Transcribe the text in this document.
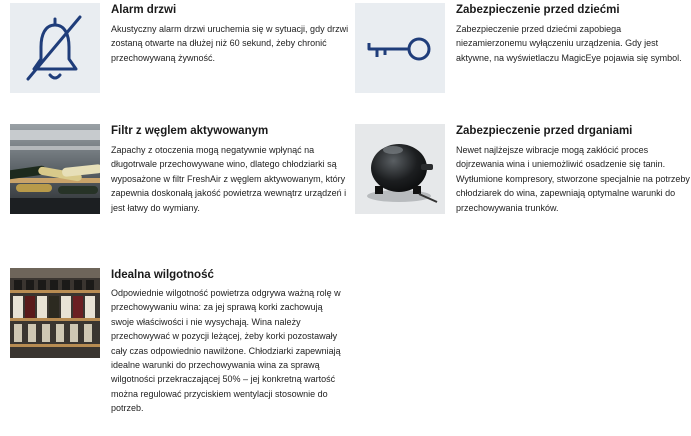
Alarm drzwi
Akustyczny alarm drzwi uruchemia się w sytuacji, gdy drzwi zostaną otwarte na dłużej niż 60 sekund, żeby chronić przechowywaną żywność.
Zabezpieczenie przed dziećmi
Zabezpieczenie przed dziećmi zapobiega niezamierzonemu wyłączeniu urządzenia. Gdy jest aktywne, na wyświetlaczu MagicEye pojawia się symbol.
Filtr z węglem aktywowanym
Zapachy z otoczenia mogą negatywnie wpłynąć na długotrwale przechowywane wino, dlatego chłodziarki są wyposażone w filtr FreshAir z węglem aktywowanym, który zapewnia doskonałą jakość powietrza wewnątrz urządzeń i jest łatwy do wymiany.
Zabezpieczenie przed drganiami
Newet najlżejsze wibracje mogą zakłócić proces dojrzewania wina i uniemożliwić osadzenie się tanin. Wytłumione kompresory, stworzone specjalnie na potrzeby chłodziarek do wina, zapewniają optymalne warunki do przechowywania trunków.
Idealna wilgotność
Odpowiednie wilgotność powietrza odgrywa ważną rolę w przechowywaniu wina: za jej sprawą korki zachowują swoje właściwości i nie wysychają. Wina należy przechowywać w pozycji leżącej, żeby korki pozostawały cały czas odpowiednio nawilżone. Chłodziarki zapewniają idealne warunki do przechowywania wina za sprawą wilgotności przekraczającej 50% – jej konkretną wartość można regulować przyciskiem wentylacji stosownie do potrzeb.
